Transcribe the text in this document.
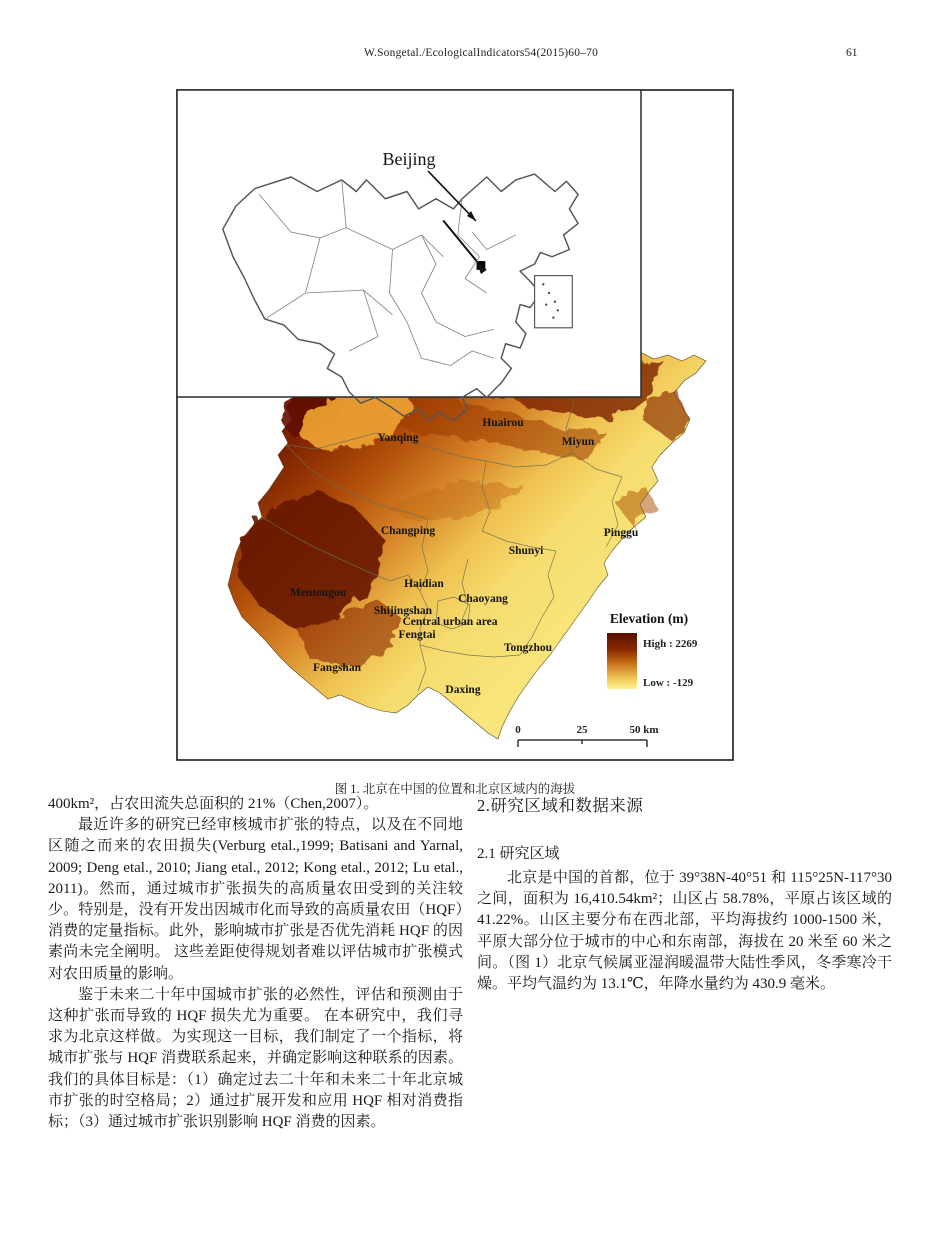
W.Songetal./EcologicalIndicators54(2015)60–70	61
Yanqing
Huairou
Miyun
Changping
Shunyi
Pinggu
Mentougou
Haidian
Chaoyang
Shijingshan
Central urban area
Fengtai
Tongzhou
Fangshan
Daxing
Elevation (m)
High : 2269
Low : -129
0	25	50 km
Beijing
图 1. 北京在中国的位置和北京区域内的海拔

400km²，占农田流失总面积的 21%（Chen,2007）。

最近许多的研究已经审核城市扩张的特点，以及在不同地区随之而来的农田损失(Verburg etal.,1999; Batisani and Yarnal, 2009; Deng etal., 2010; Jiang etal., 2012; Kong etal., 2012; Lu etal., 2011)。然而，通过城市扩张损失的高质量农田受到的关注较少。特别是，没有开发出因城市化而导致的高质量农田（HQF）消费的定量指标。此外，影响城市扩张是否优先消耗 HQF 的因素尚未完全阐明。 这些差距使得规划者难以评估城市扩张模式对农田质量的影响。

鉴于未来二十年中国城市扩张的必然性，评估和预测由于这种扩张而导致的 HQF 损失尤为重要。 在本研究中，我们寻求为北京这样做。为实现这一目标，我们制定了一个指标，将城市扩张与 HQF 消费联系起来，并确定影响这种联系的因素。 我们的具体目标是：（1）确定过去二十年和未来二十年北京城市扩张的时空格局；2）通过扩展开发和应用 HQF 相对消费指标；（3）通过城市扩张识别影响 HQF 消费的因素。

2.研究区域和数据来源
2.1 研究区域

北京是中国的首都，位于 39°38N-40°51 和 115°25N-117°30 之间，面积为 16,410.54km²；山区占 58.78%，平原占该区域的 41.22%。山区主要分布在西北部，平均海拔约 1000-1500 米，平原大部分位于城市的中心和东南部，海拔在 20 米至 60 米之间。（图 1）北京气候属亚湿润暖温带大陆性季风，冬季寒冷干燥。平均气温约为 13.1℃，年降水量约为 430.9 毫米。
